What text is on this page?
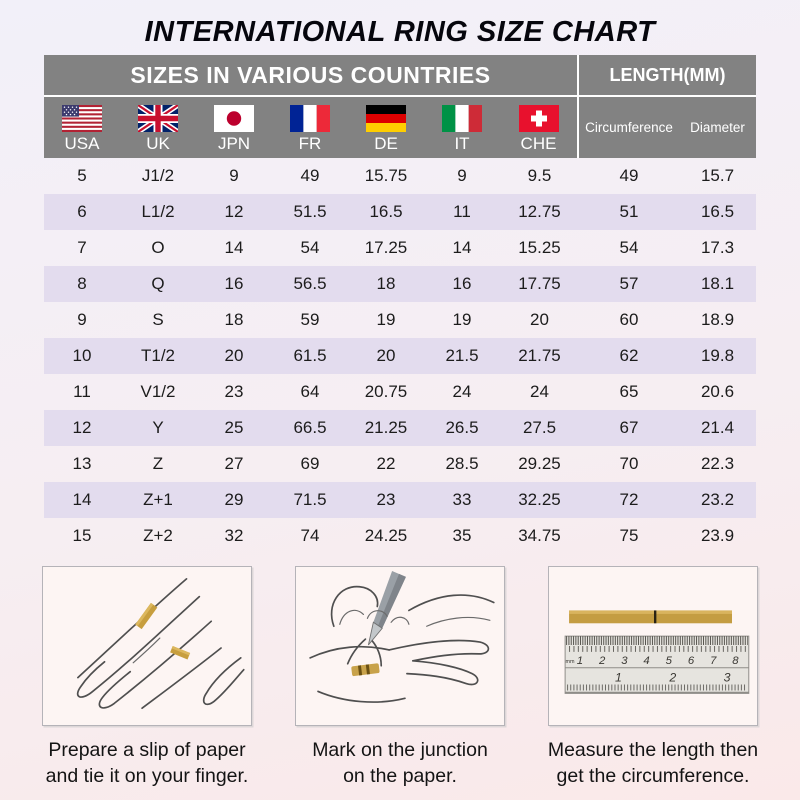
INTERNATIONAL RING SIZE CHART
SIZES IN VARIOUS COUNTRIES	LENGTH(MM)
USA	UK	JPN	FR	DE	IT	CHE
Circumference	Diameter
5	J1/2	9	49	15.75	9	9.5	49	15.7
6	L1/2	12	51.5	16.5	11	12.75	51	16.5
7	O	14	54	17.25	14	15.25	54	17.3
8	Q	16	56.5	18	16	17.75	57	18.1
9	S	18	59	19	19	20	60	18.9
10	T1/2	20	61.5	20	21.5	21.75	62	19.8
11	V1/2	23	64	20.75	24	24	65	20.6
12	Y	25	66.5	21.25	26.5	27.5	67	21.4
13	Z	27	69	22	28.5	29.25	70	22.3
14	Z+1	29	71.5	23	33	32.25	72	23.2
15	Z+2	32	74	24.25	35	34.75	75	23.9
Prepare a slip of paper
and tie it on your finger.
Mark on the junction
on the paper.
mm 1 2 3 4 5 6 7 8
1	2	3
Measure the length then
get the circumference.
